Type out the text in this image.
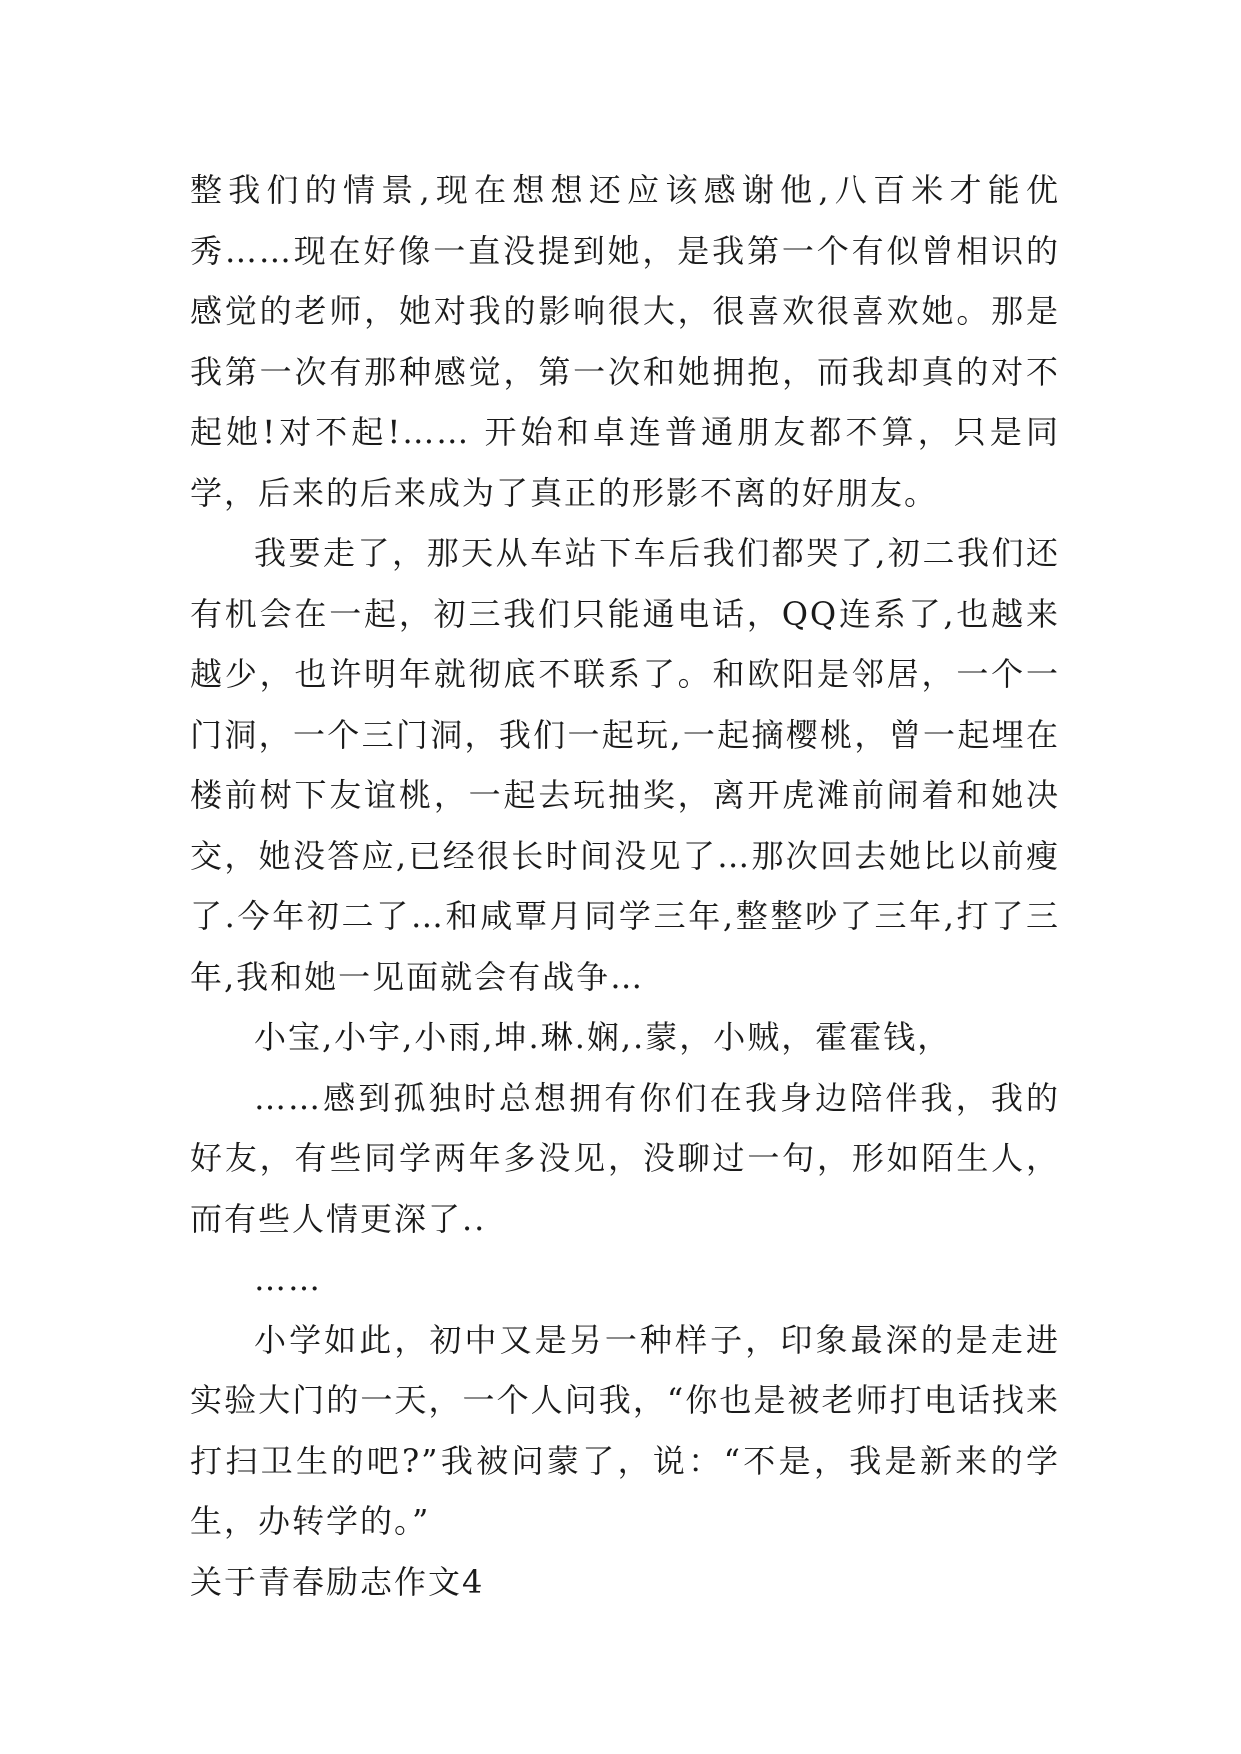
整我们的情景,现在想想还应该感谢他,八百米才能优秀……现在好像一直没提到她，是我第一个有似曾相识的感觉的老师，她对我的影响很大，很喜欢很喜欢她。那是我第一次有那种感觉，第一次和她拥抱，而我却真的对不起她!对不起!…… 开始和卓连普通朋友都不算，只是同学，后来的后来成为了真正的形影不离的好朋友。

我要走了，那天从车站下车后我们都哭了,初二我们还有机会在一起，初三我们只能通电话，QQ连系了,也越来越少，也许明年就彻底不联系了。和欧阳是邻居，一个一门洞，一个三门洞，我们一起玩,一起摘樱桃，曾一起埋在楼前树下友谊桃，一起去玩抽奖，离开虎滩前闹着和她决交，她没答应,已经很长时间没见了…那次回去她比以前瘦了.今年初二了…和咸覃月同学三年,整整吵了三年,打了三年,我和她一见面就会有战争…

小宝,小宇,小雨,坤.琳.娴,.蒙，小贼，霍霍钱，

……感到孤独时总想拥有你们在我身边陪伴我，我的好友，有些同学两年多没见，没聊过一句，形如陌生人，而有些人情更深了..

……

小学如此，初中又是另一种样子，印象最深的是走进实验大门的一天，一个人问我，“你也是被老师打电话找来打扫卫生的吧?”我被问蒙了，说：“不是，我是新来的学生，办转学的。”

关于青春励志作文4
